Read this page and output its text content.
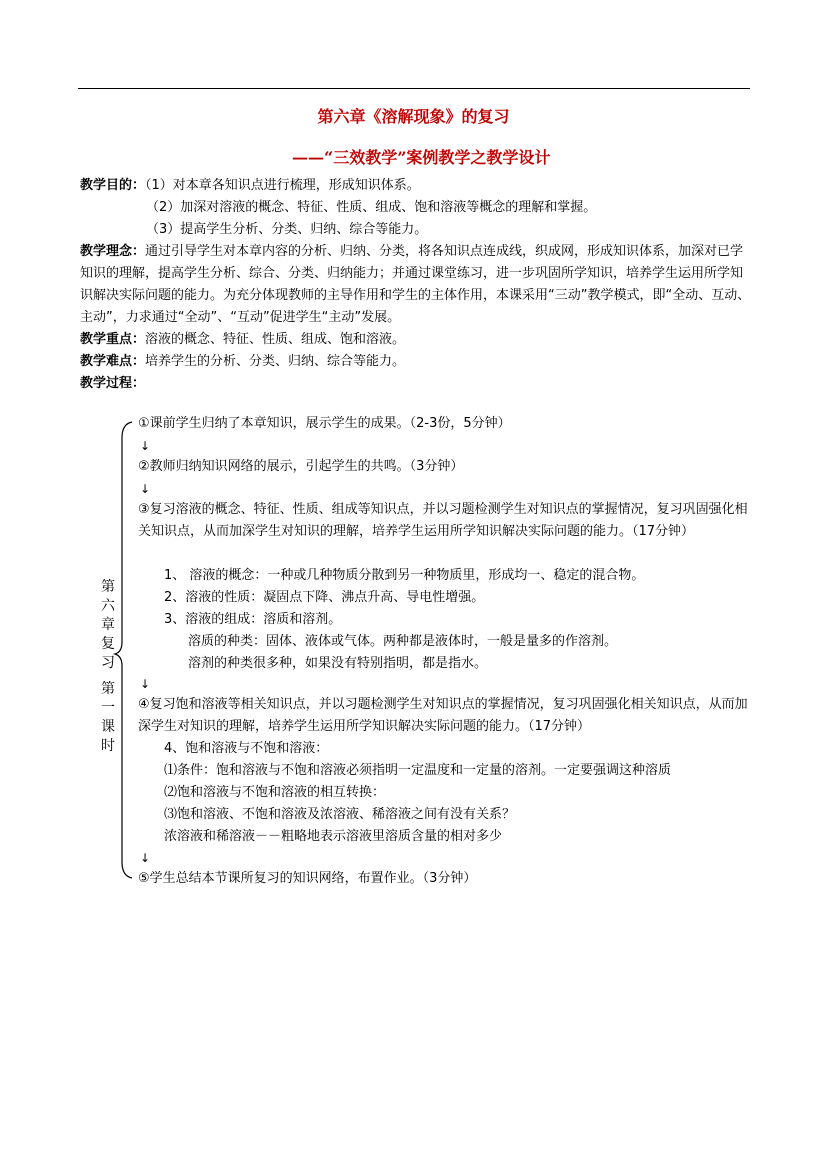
第六章《溶解现象》的复习
——“三效教学”案例教学之教学设计

教学目的：（1）对本章各知识点进行梳理，形成知识体系。

（2）加深对溶液的概念、特征、性质、组成、饱和溶液等概念的理解和掌握。

（3）提高学生分析、分类、归纳、综合等能力。

教学理念：通过引导学生对本章内容的分析、归纳、分类，将各知识点连成线，织成网，形成知识体系，加深对已学知识的理解，提高学生分析、综合、分类、归纳能力；并通过课堂练习，进一步巩固所学知识，培养学生运用所学知识解决实际问题的能力。为充分体现教师的主导作用和学生的主体作用，本课采用“三动”教学模式，即“全动、互动、主动”，力求通过“全动”、“互动”促进学生“主动”发展。

教学重点：溶液的概念、特征、性质、组成、饱和溶液。

教学难点：培养学生的分析、分类、归纳、综合等能力。

教学过程：

第
六
章
复
习
第
一
课
时

①课前学生归纳了本章知识，展示学生的成果。（2-3份，5分钟）

↓

②教师归纳知识网络的展示，引起学生的共鸣。（3分钟）

↓

③复习溶液的概念、特征、性质、组成等知识点，并以习题检测学生对知识点的掌握情况，复习巩固强化相关知识点，从而加深学生对知识的理解，培养学生运用所学知识解决实际问题的能力。（17分钟）

1、 溶液的概念：一种或几种物质分散到另一种物质里，形成均一、稳定的混合物。

2、溶液的性质：凝固点下降、沸点升高、导电性增强。

3、溶液的组成：溶质和溶剂。

溶质的种类：固体、液体或气体。两种都是液体时，一般是量多的作溶剂。

溶剂的种类很多种，如果没有特别指明，都是指水。

↓

④复习饱和溶液等相关知识点，并以习题检测学生对知识点的掌握情况，复习巩固强化相关知识点，从而加深学生对知识的理解，培养学生运用所学知识解决实际问题的能力。（17分钟）

4、饱和溶液与不饱和溶液：

⑴条件：饱和溶液与不饱和溶液必须指明一定温度和一定量的溶剂。一定要强调这种溶质

⑵饱和溶液与不饱和溶液的相互转换：

⑶饱和溶液、不饱和溶液及浓溶液、稀溶液之间有没有关系？

浓溶液和稀溶液－－粗略地表示溶液里溶质含量的相对多少

↓

⑤学生总结本节课所复习的知识网络，布置作业。（3分钟）
